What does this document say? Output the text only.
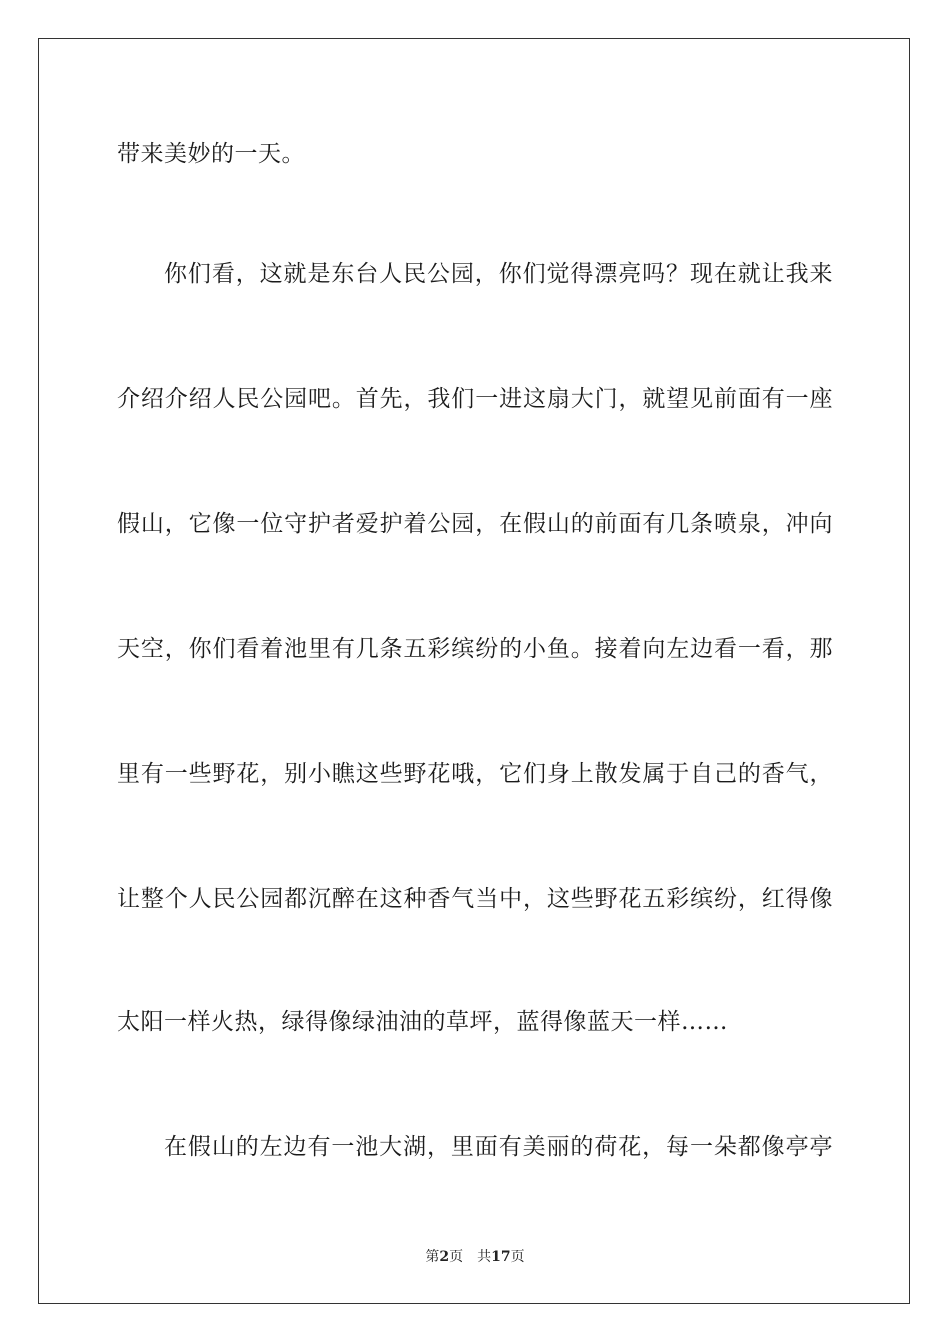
带来美妙的一天。
你们看，这就是东台人民公园，你们觉得漂亮吗？现在就让我来
介绍介绍人民公园吧。首先，我们一进这扇大门，就望见前面有一座
假山，它像一位守护者爱护着公园，在假山的前面有几条喷泉，冲向
天空，你们看着池里有几条五彩缤纷的小鱼。接着向左边看一看，那
里有一些野花，别小瞧这些野花哦，它们身上散发属于自己的香气，
让整个人民公园都沉醉在这种香气当中，这些野花五彩缤纷，红得像
太阳一样火热，绿得像绿油油的草坪，蓝得像蓝天一样……
在假山的左边有一池大湖，里面有美丽的荷花，每一朵都像亭亭
第2页 共17页
